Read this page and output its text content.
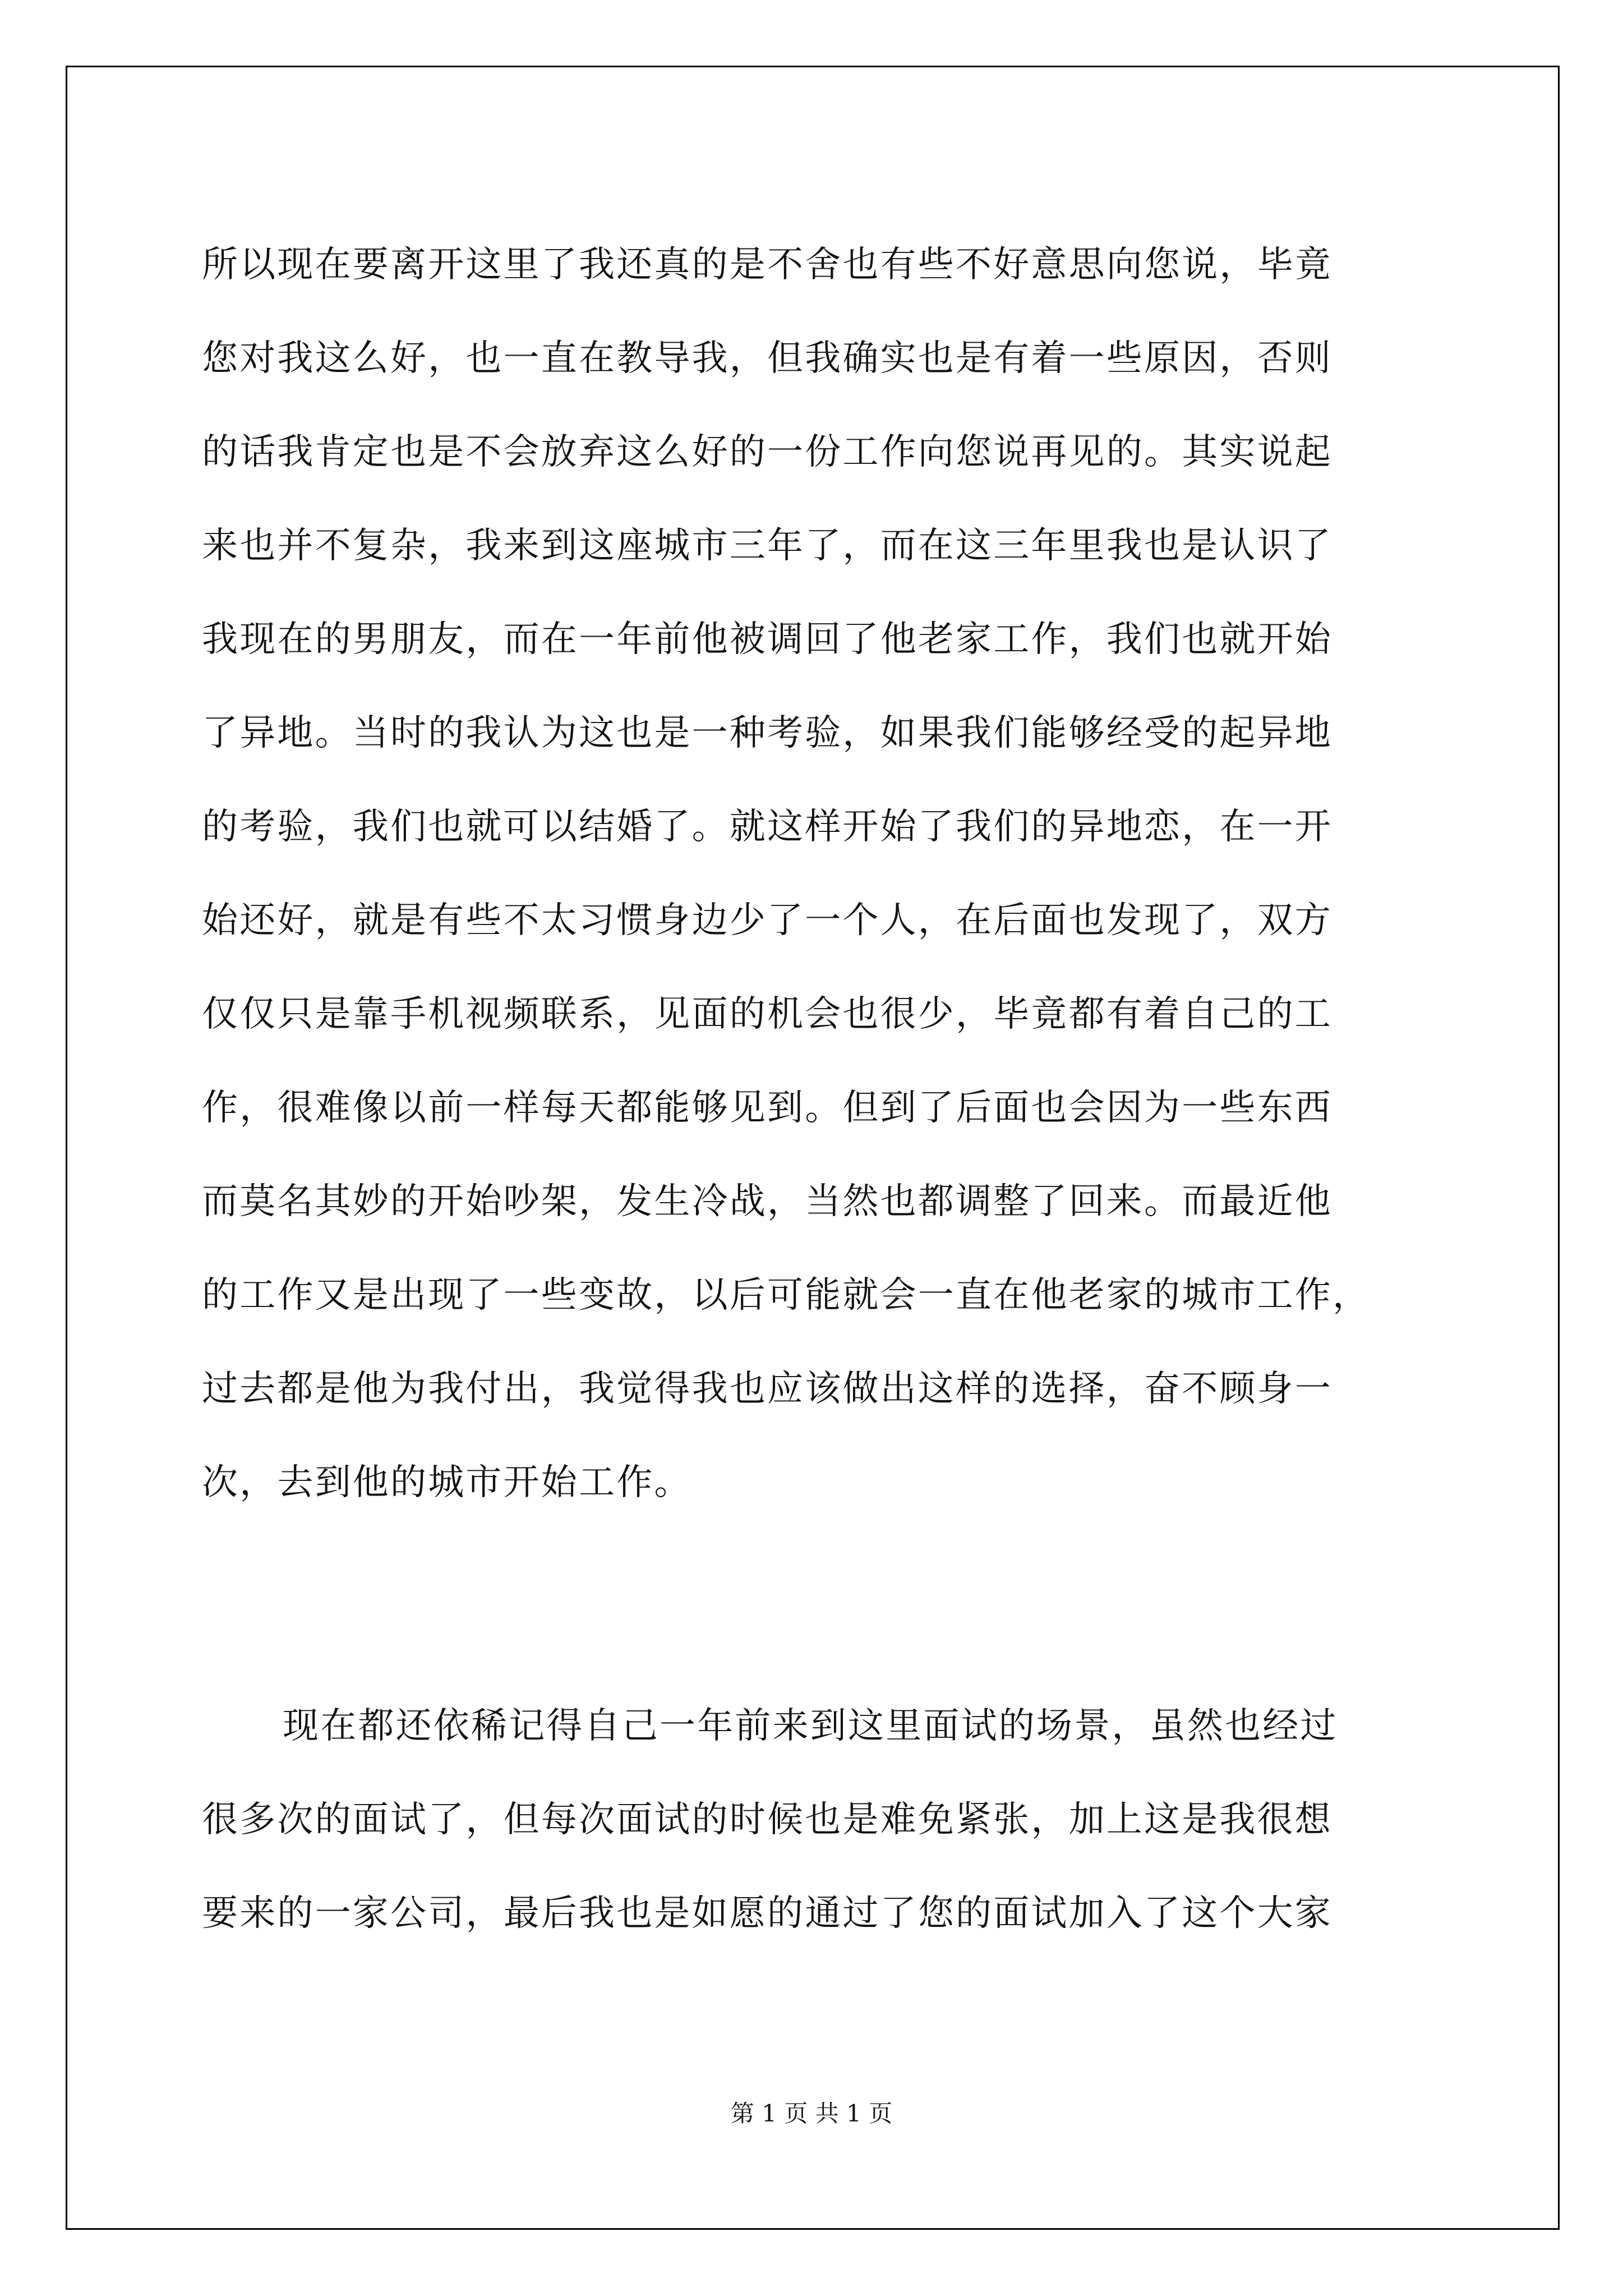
所以现在要离开这里了我还真的是不舍也有些不好意思向您说，毕竟
您对我这么好，也一直在教导我，但我确实也是有着一些原因，否则
的话我肯定也是不会放弃这么好的一份工作向您说再见的。其实说起
来也并不复杂，我来到这座城市三年了，而在这三年里我也是认识了
我现在的男朋友，而在一年前他被调回了他老家工作，我们也就开始
了异地。当时的我认为这也是一种考验，如果我们能够经受的起异地
的考验，我们也就可以结婚了。就这样开始了我们的异地恋，在一开
始还好，就是有些不太习惯身边少了一个人，在后面也发现了，双方
仅仅只是靠手机视频联系，见面的机会也很少，毕竟都有着自己的工
作，很难像以前一样每天都能够见到。但到了后面也会因为一些东西
而莫名其妙的开始吵架，发生冷战，当然也都调整了回来。而最近他
的工作又是出现了一些变故，以后可能就会一直在他老家的城市工作，
过去都是他为我付出，我觉得我也应该做出这样的选择，奋不顾身一
次，去到他的城市开始工作。
现在都还依稀记得自己一年前来到这里面试的场景，虽然也经过
很多次的面试了，但每次面试的时候也是难免紧张，加上这是我很想
要来的一家公司，最后我也是如愿的通过了您的面试加入了这个大家
第 1 页 共 1 页
